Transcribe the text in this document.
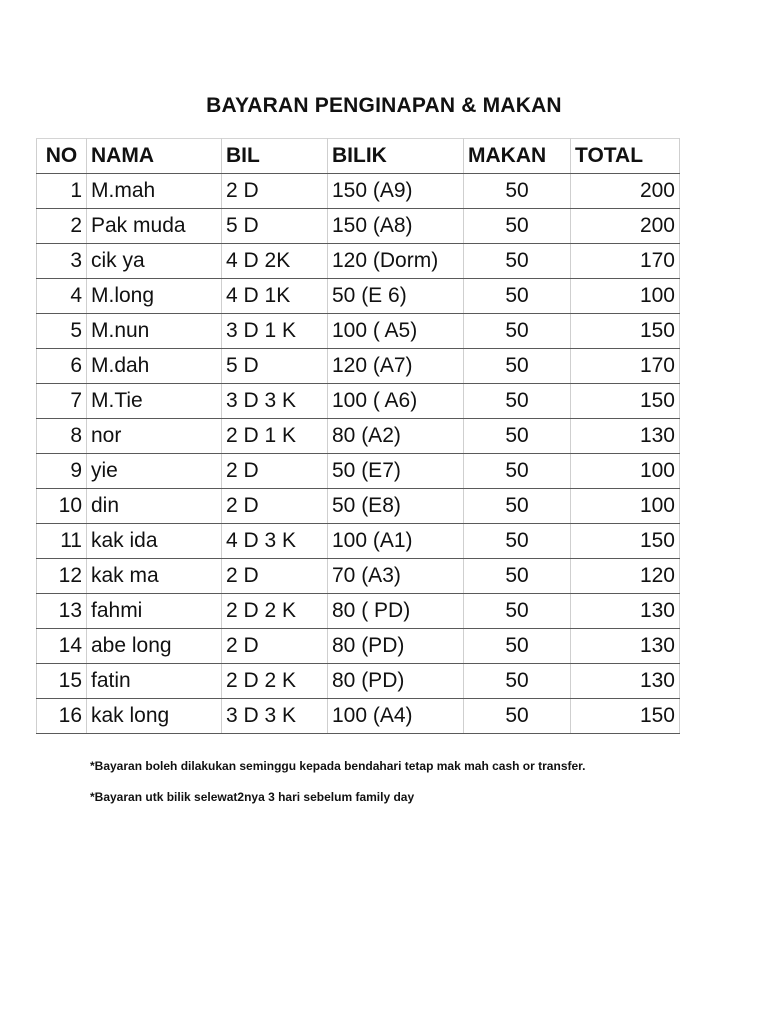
BAYARAN PENGINAPAN & MAKAN
NO	NAMA	BIL	BILIK	MAKAN	TOTAL
1	M.mah	2 D	150 (A9)	50	200
2	Pak muda	5 D	150 (A8)	50	200
3	cik ya	4 D 2K	120 (Dorm)	50	170
4	M.long	4 D 1K	50 (E 6)	50	100
5	M.nun	3 D 1 K	100 ( A5)	50	150
6	M.dah	5 D	120 (A7)	50	170
7	M.Tie	3 D 3 K	100 ( A6)	50	150
8	nor	2 D 1 K	80 (A2)	50	130
9	yie	2 D	50 (E7)	50	100
10	din	2 D	50 (E8)	50	100
11	kak ida	4 D 3 K	100 (A1)	50	150
12	kak ma	2 D	70 (A3)	50	120
13	fahmi	2 D 2 K	80 ( PD)	50	130
14	abe long	2 D	80 (PD)	50	130
15	fatin	2 D 2 K	80 (PD)	50	130
16	kak long	3 D 3 K	100 (A4)	50	150

*Bayaran boleh dilakukan seminggu kepada bendahari tetap mak mah cash or transfer.

*Bayaran utk bilik selewat2nya 3 hari sebelum family day
